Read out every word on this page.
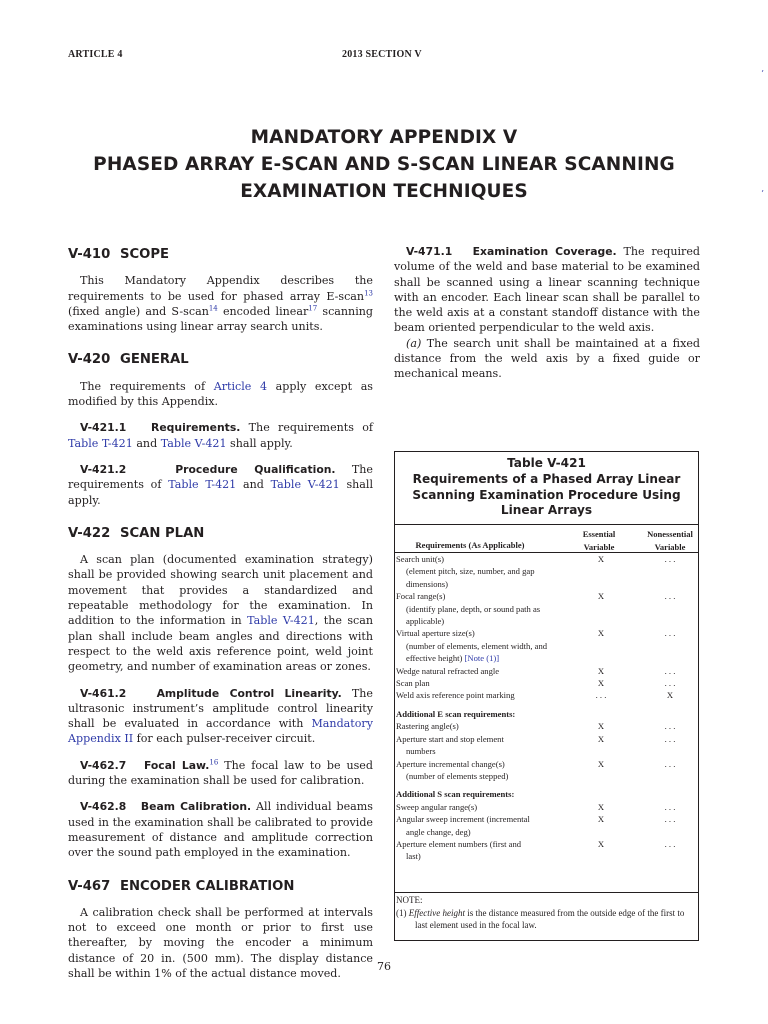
ARTICLE 4	2013 SECTION V
,
,
MANDATORY APPENDIX V
PHASED ARRAY E-SCAN AND S-SCAN LINEAR SCANNING
EXAMINATION TECHNIQUES
V-410 SCOPE

This Mandatory Appendix describes the requirements to be used for phased array E-scan$^{13}$ (fixed angle) and S-scan$^{14}$ encoded linear$^{17}$ scanning examinations using linear array search units.

V-420 GENERAL

The requirements of Article 4 apply except as modified by this Appendix.

V-421.1 Requirements. The requirements of Table T-421 and Table V-421 shall apply.

V-421.2	Procedure Qualification. The requirements of Table T-421 and Table V-421 shall apply.

V-422 SCAN PLAN

A scan plan (documented examination strategy) shall be provided showing search unit placement and movement that provides a standardized and repeatable methodology for the examination. In addition to the information in Table V-421, the scan plan shall include beam angles and directions with respect to the weld axis reference point, weld joint geometry, and number of examination areas or zones.

V-461.2	Amplitude Control Linearity. The ultrasonic instrument’s amplitude control linearity shall be evaluated in accordance with Mandatory Appendix II for each pulser-receiver circuit.

V-462.7 Focal Law.$^{16}$ The focal law to be used during the examination shall be used for calibration.

V-462.8 Beam Calibration. All individual beams used in the examination shall be calibrated to provide measurement of distance and amplitude correction over the sound path employed in the examination.

V-467 ENCODER CALIBRATION

A calibration check shall be performed at intervals not to exceed one month or prior to first use thereafter, by moving the encoder a minimum distance of 20 in. (500 mm). The display distance shall be within 1% of the actual distance moved.

V-471.1 Examination Coverage. The required volume of the weld and base material to be examined shall be scanned using a linear scanning technique with an encoder. Each linear scan shall be parallel to the weld axis at a constant standoff distance with the beam oriented perpendicular to the weld axis.

(a) The search unit shall be maintained at a fixed distance from the weld axis by a fixed guide or mechanical means.

Table V-421
Requirements of a Phased Array Linear
Scanning Examination Procedure Using
Linear Arrays
Requirements (As Applicable)
Essential
Variable
Nonessential
Variable
Search unit(s)
(element pitch, size, number, and gap dimensions)
X	. . .
Focal range(s)
(identify plane, depth, or sound path as applicable)
X	. . .
Virtual aperture size(s)
(number of elements, element width, and effective height) [Note (1)]
X	. . .
Wedge natural refracted angle	X	. . .
Scan plan	X	. . .
Weld axis reference point marking	. . .	X
Additional E scan requirements:
Rastering angle(s)	X	. . .
Aperture start and stop element
numbers
X	. . .
Aperture incremental change(s)
(number of elements stepped)
X	. . .
Additional S scan requirements:
Sweep angular range(s)	X	. . .
Angular sweep increment (incremental
angle change, deg)
X	. . .
Aperture element numbers (first and
last)
X	. . .
NOTE:
(1) Effective height is the distance measured from the outside edge of the first to last element used in the focal law.
76
